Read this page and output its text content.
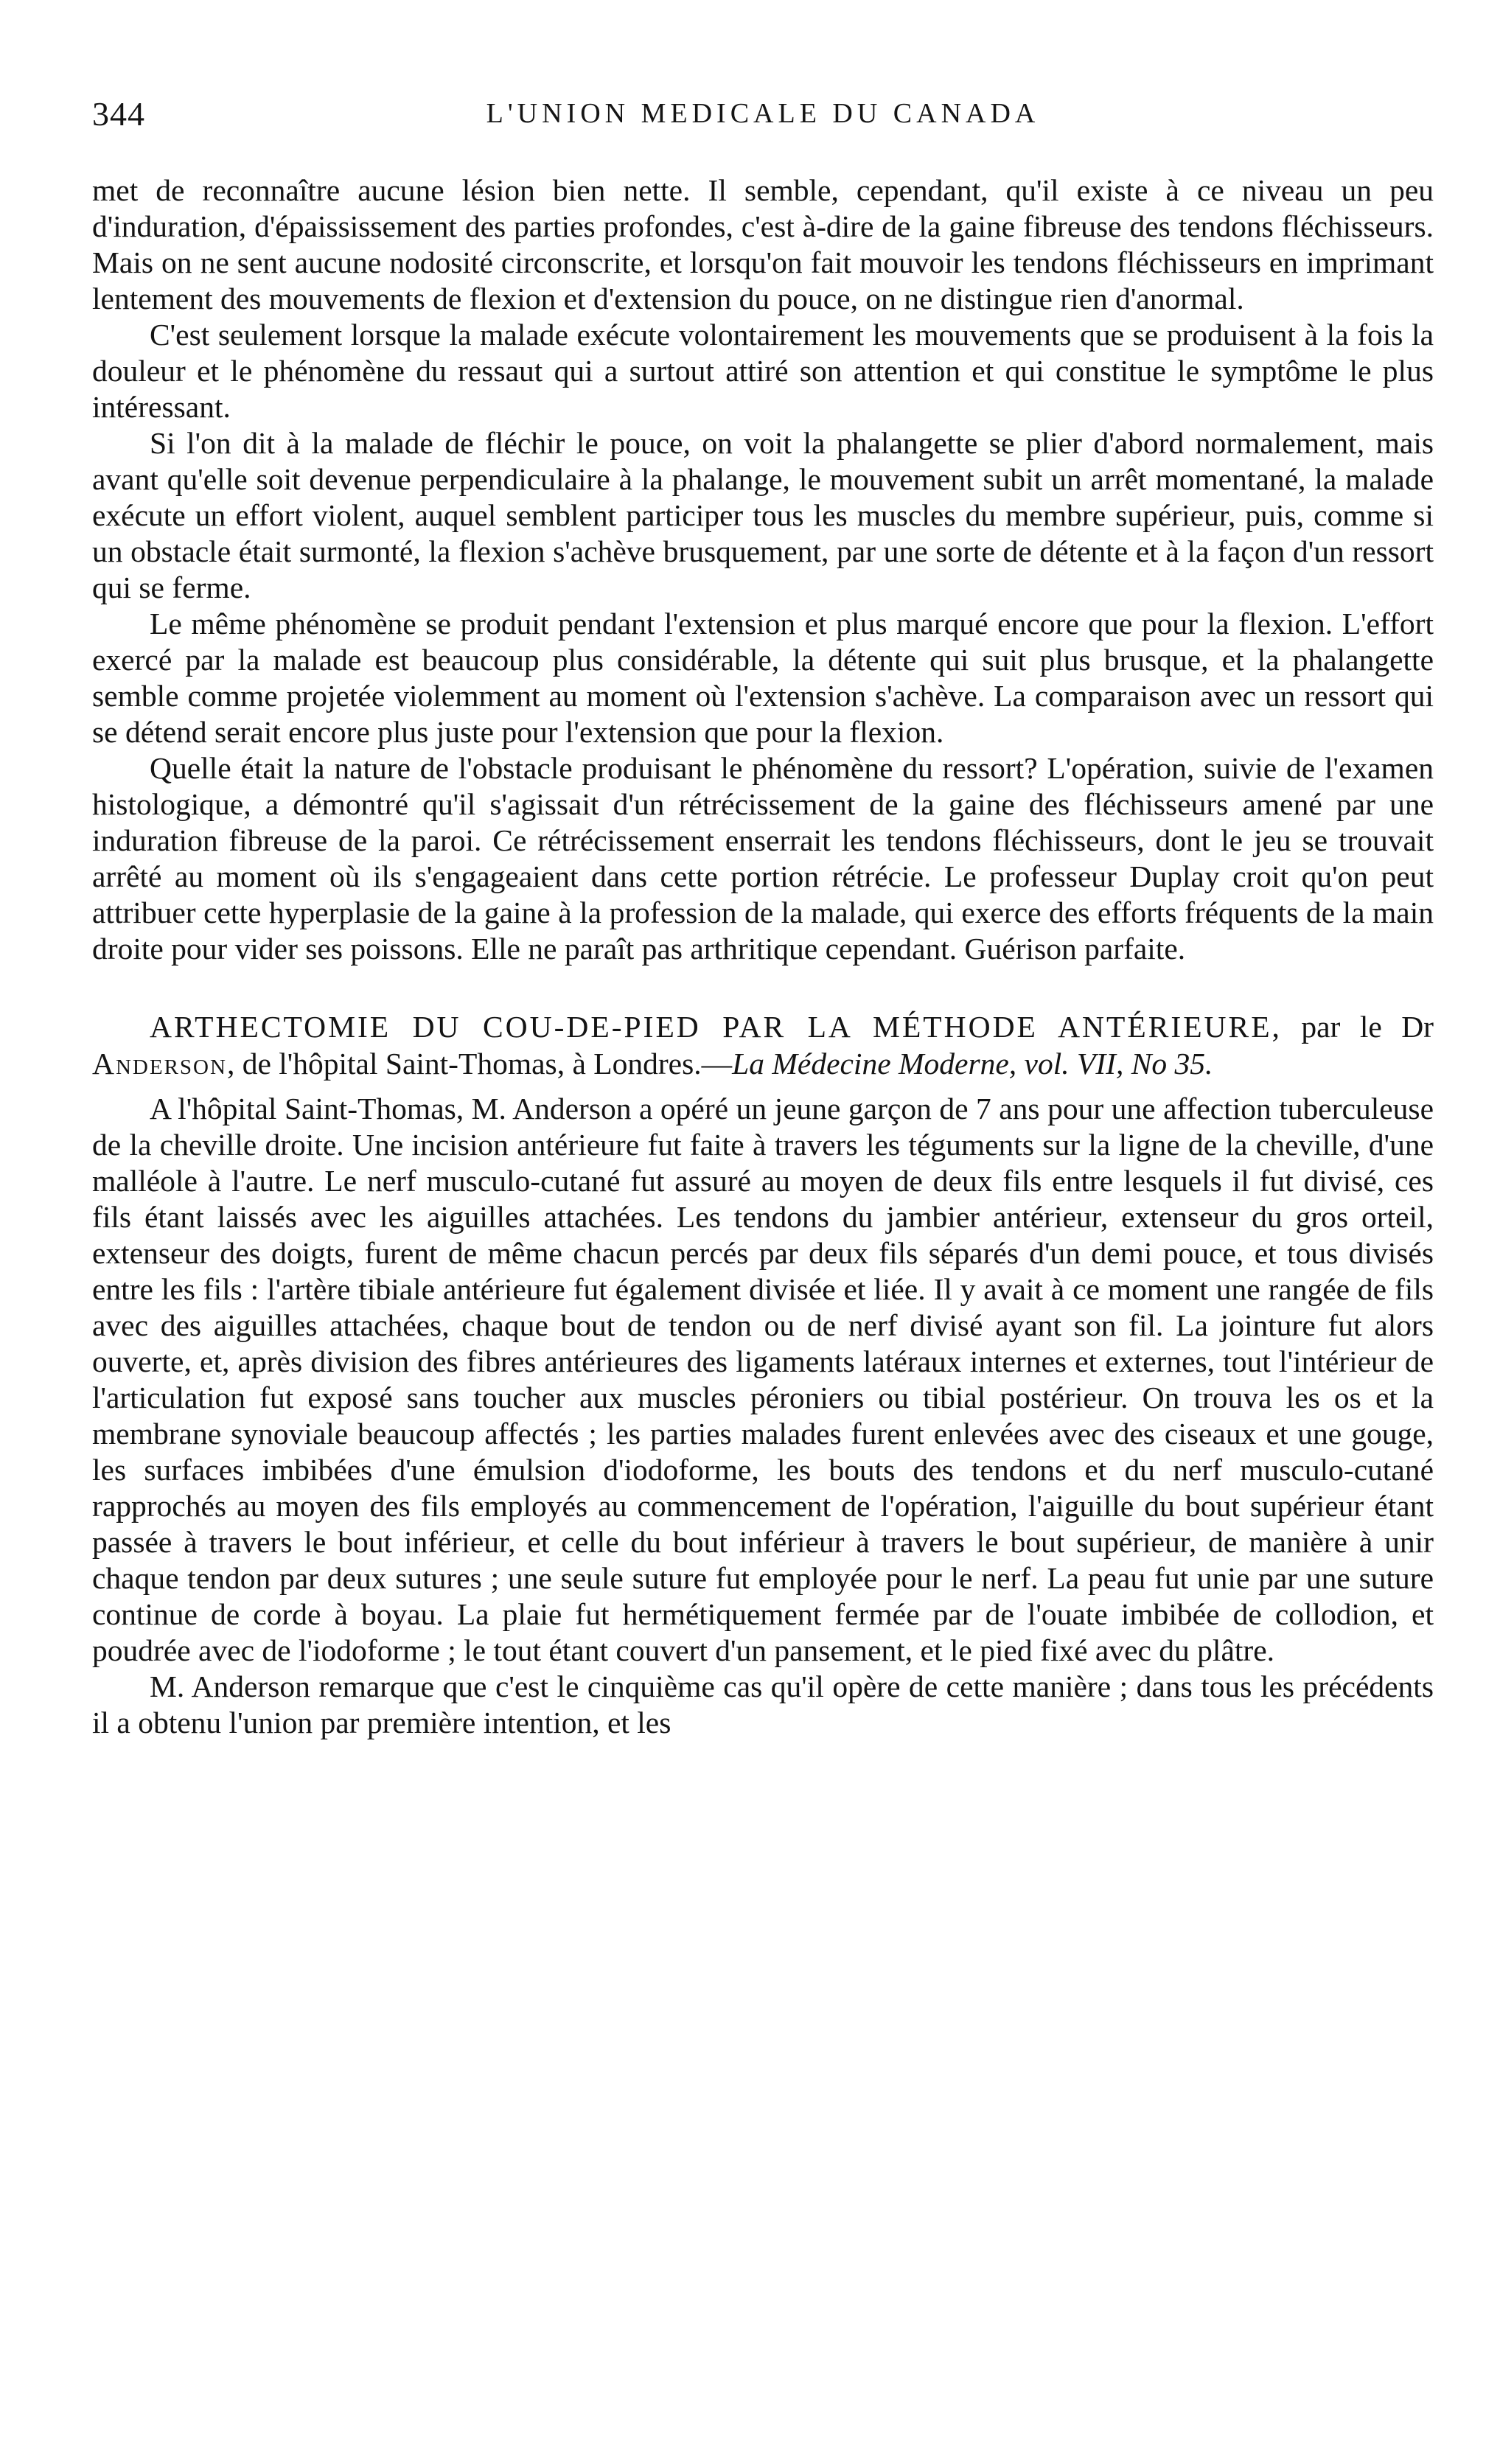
344	L'UNION MEDICALE DU CANADA

met de reconnaître aucune lésion bien nette. Il semble, cependant, qu'il existe à ce niveau un peu d'induration, d'épaississement des parties profondes, c'est à-dire de la gaine fibreuse des tendons fléchisseurs. Mais on ne sent aucune nodosité circonscrite, et lorsqu'on fait mouvoir les tendons fléchisseurs en imprimant lentement des mouvements de flexion et d'extension du pouce, on ne distingue rien d'anormal.

C'est seulement lorsque la malade exécute volontairement les mouvements que se produisent à la fois la douleur et le phénomène du ressaut qui a surtout attiré son attention et qui constitue le symptôme le plus intéressant.

Si l'on dit à la malade de fléchir le pouce, on voit la phalangette se plier d'abord normalement, mais avant qu'elle soit devenue perpendiculaire à la phalange, le mouvement subit un arrêt momentané, la malade exécute un effort violent, auquel semblent participer tous les muscles du membre supérieur, puis, comme si un obstacle était surmonté, la flexion s'achève brusquement, par une sorte de détente et à la façon d'un ressort qui se ferme.

Le même phénomène se produit pendant l'extension et plus marqué encore que pour la flexion. L'effort exercé par la malade est beaucoup plus considérable, la détente qui suit plus brusque, et la phalangette semble comme projetée violemment au moment où l'extension s'achève. La comparaison avec un ressort qui se détend serait encore plus juste pour l'extension que pour la flexion.

Quelle était la nature de l'obstacle produisant le phénomène du ressort? L'opération, suivie de l'examen histologique, a démontré qu'il s'agissait d'un rétrécissement de la gaine des fléchisseurs amené par une induration fibreuse de la paroi. Ce rétrécissement enserrait les tendons fléchisseurs, dont le jeu se trouvait arrêté au moment où ils s'engageaient dans cette portion rétrécie. Le professeur Duplay croit qu'on peut attribuer cette hyperplasie de la gaine à la profession de la malade, qui exerce des efforts fréquents de la main droite pour vider ses poissons. Elle ne paraît pas arthritique cependant. Guérison parfaite.

ARTHECTOMIE DU COU-DE-PIED PAR LA MÉTHODE ANTÉRIEURE, par le Dr Anderson, de l'hôpital Saint-Thomas, à Londres.—La Médecine Moderne, vol. VII, No 35.

A l'hôpital Saint-Thomas, M. Anderson a opéré un jeune garçon de 7 ans pour une affection tuberculeuse de la cheville droite. Une incision antérieure fut faite à travers les téguments sur la ligne de la cheville, d'une malléole à l'autre. Le nerf musculo-cutané fut assuré au moyen de deux fils entre lesquels il fut divisé, ces fils étant laissés avec les aiguilles attachées. Les tendons du jambier antérieur, extenseur du gros orteil, extenseur des doigts, furent de même chacun percés par deux fils séparés d'un demi pouce, et tous divisés entre les fils : l'artère tibiale antérieure fut également divisée et liée. Il y avait à ce moment une rangée de fils avec des aiguilles attachées, chaque bout de tendon ou de nerf divisé ayant son fil. La jointure fut alors ouverte, et, après division des fibres antérieures des ligaments latéraux internes et externes, tout l'intérieur de l'articulation fut exposé sans toucher aux muscles péroniers ou tibial postérieur. On trouva les os et la membrane synoviale beaucoup affectés ; les parties malades furent enlevées avec des ciseaux et une gouge, les surfaces imbibées d'une émulsion d'iodoforme, les bouts des tendons et du nerf musculo-cutané rapprochés au moyen des fils employés au commencement de l'opération, l'aiguille du bout supérieur étant passée à travers le bout inférieur, et celle du bout inférieur à travers le bout supérieur, de manière à unir chaque tendon par deux sutures ; une seule suture fut employée pour le nerf. La peau fut unie par une suture continue de corde à boyau. La plaie fut hermétiquement fermée par de l'ouate imbibée de collodion, et poudrée avec de l'iodoforme ; le tout étant couvert d'un pansement, et le pied fixé avec du plâtre.

M. Anderson remarque que c'est le cinquième cas qu'il opère de cette manière ; dans tous les précédents il a obtenu l'union par première intention, et les
